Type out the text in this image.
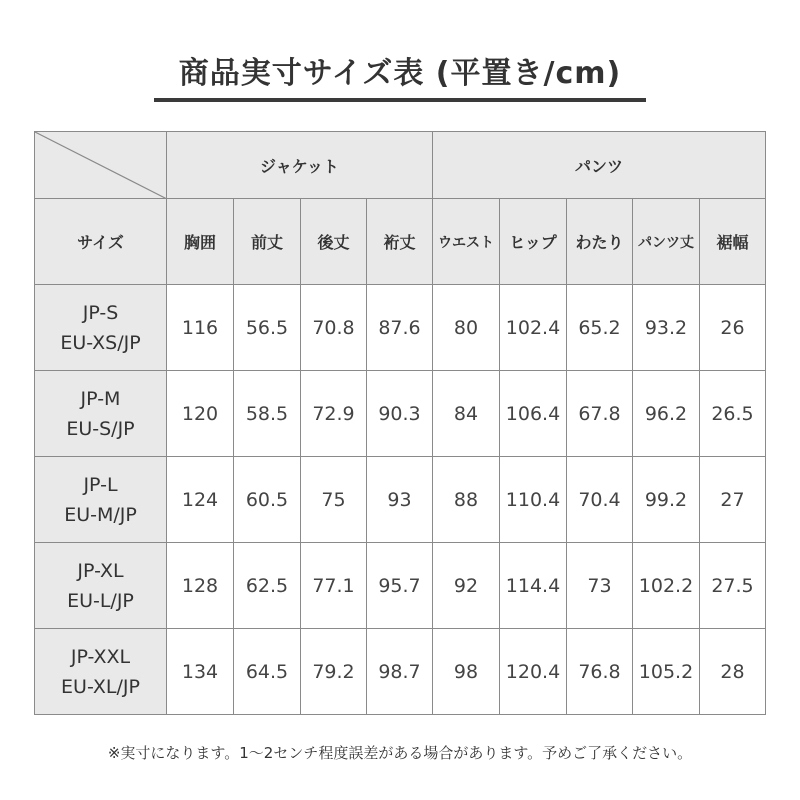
商品実寸サイズ表 (平置き/cm)
	ジャケット				パンツ				
サイズ	胸囲	前丈	後丈	裄丈	ウエスト	ヒップ	わたり	パンツ丈	裾幅

JP-S
EU-XS/JP	116	56.5	70.8	87.6	80	102.4	65.2	93.2	26

JP-M
EU-S/JP	120	58.5	72.9	90.3	84	106.4	67.8	96.2	26.5

JP-L
EU-M/JP	124	60.5	75	93	88	110.4	70.4	99.2	27

JP-XL
EU-L/JP	128	62.5	77.1	95.7	92	114.4	73	102.2	27.5

JP-XXL
EU-XL/JP	134	64.5	79.2	98.7	98	120.4	76.8	105.2	28
※実寸になります。1〜2センチ程度誤差がある場合があります。予めご了承ください。
